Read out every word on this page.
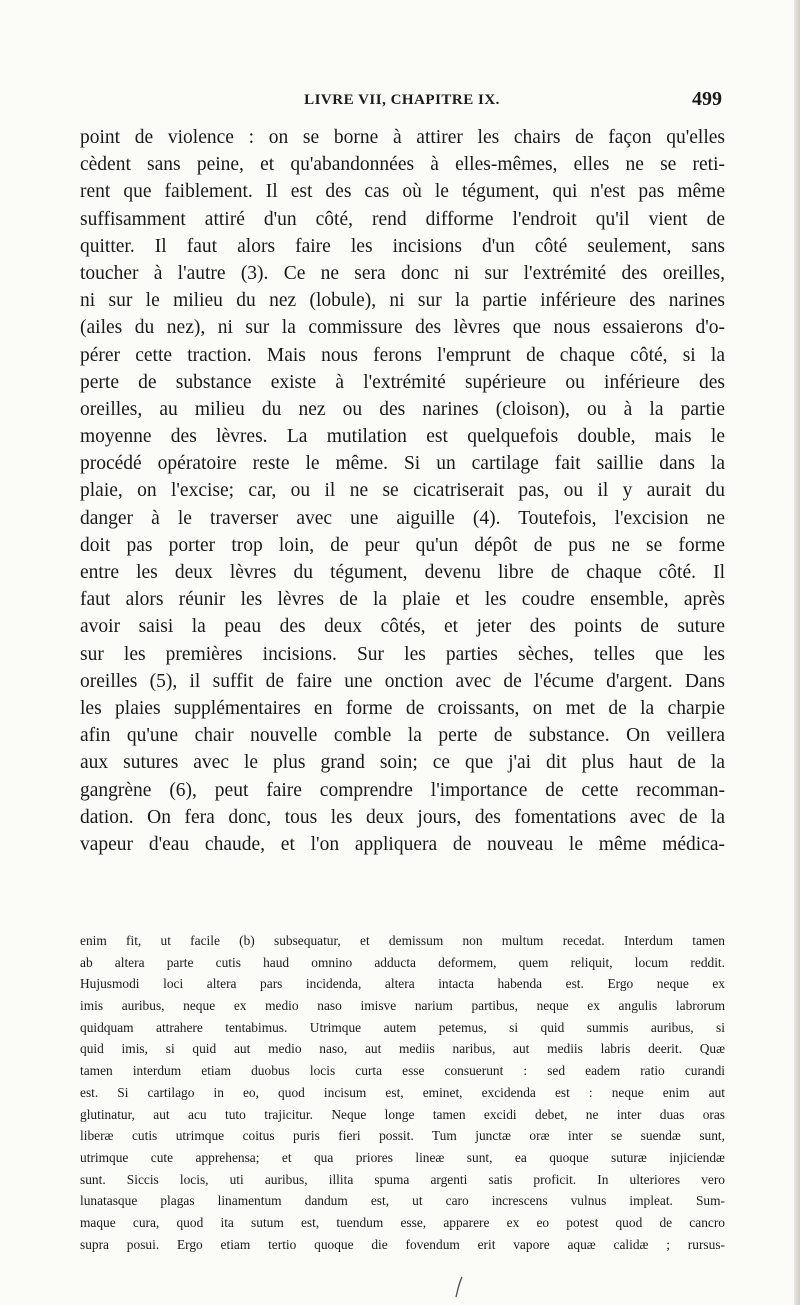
LIVRE VII, CHAPITRE IX.	499
point de violence : on se borne à attirer les chairs de façon qu'elles
cèdent sans peine, et qu'abandonnées à elles-mêmes, elles ne se reti-
rent que faiblement. Il est des cas où le tégument, qui n'est pas même
suffisamment attiré d'un côté, rend difforme l'endroit qu'il vient de
quitter. Il faut alors faire les incisions d'un côté seulement, sans
toucher à l'autre (3). Ce ne sera donc ni sur l'extrémité des oreilles,
ni sur le milieu du nez (lobule), ni sur la partie inférieure des narines
(ailes du nez), ni sur la commissure des lèvres que nous essaierons d'o-
pérer cette traction. Mais nous ferons l'emprunt de chaque côté, si la
perte de substance existe à l'extrémité supérieure ou inférieure des
oreilles, au milieu du nez ou des narines (cloison), ou à la partie
moyenne des lèvres. La mutilation est quelquefois double, mais le
procédé opératoire reste le même. Si un cartilage fait saillie dans la
plaie, on l'excise; car, ou il ne se cicatriserait pas, ou il y aurait du
danger à le traverser avec une aiguille (4). Toutefois, l'excision ne
doit pas porter trop loin, de peur qu'un dépôt de pus ne se forme
entre les deux lèvres du tégument, devenu libre de chaque côté. Il
faut alors réunir les lèvres de la plaie et les coudre ensemble, après
avoir saisi la peau des deux côtés, et jeter des points de suture
sur les premières incisions. Sur les parties sèches, telles que les
oreilles (5), il suffit de faire une onction avec de l'écume d'argent. Dans
les plaies supplémentaires en forme de croissants, on met de la charpie
afin qu'une chair nouvelle comble la perte de substance. On veillera
aux sutures avec le plus grand soin; ce que j'ai dit plus haut de la
gangrène (6), peut faire comprendre l'importance de cette recomman-
dation. On fera donc, tous les deux jours, des fomentations avec de la
vapeur d'eau chaude, et l'on appliquera de nouveau le même médica-
enim fit, ut facile (b) subsequatur, et demissum non multum recedat. Interdum tamen
ab altera parte cutis haud omnino adducta deformem, quem reliquit, locum reddit.
Hujusmodi loci altera pars incidenda, altera intacta habenda est. Ergo neque ex
imis auribus, neque ex medio naso imisve narium partibus, neque ex angulis labrorum
quidquam attrahere tentabimus. Utrimque autem petemus, si quid summis auribus, si
quid imis, si quid aut medio naso, aut mediis naribus, aut mediis labris deerit. Quæ
tamen interdum etiam duobus locis curta esse consuerunt : sed eadem ratio curandi
est. Si cartilago in eo, quod incisum est, eminet, excidenda est : neque enim aut
glutinatur, aut acu tuto trajicitur. Neque longe tamen excidi debet, ne inter duas oras
liberæ cutis utrimque coitus puris fieri possit. Tum junctæ oræ inter se suendæ sunt,
utrimque cute apprehensa; et qua priores lineæ sunt, ea quoque suturæ injiciendæ
sunt. Siccis locis, uti auribus, illita spuma argenti satis proficit. In ulteriores vero
lunatasque plagas linamentum dandum est, ut caro increscens vulnus impleat. Sum-
maque cura, quod ita sutum est, tuendum esse, apparere ex eo potest quod de cancro
supra posui. Ergo etiam tertio quoque die fovendum erit vapore aquæ calidæ ; rursus-
